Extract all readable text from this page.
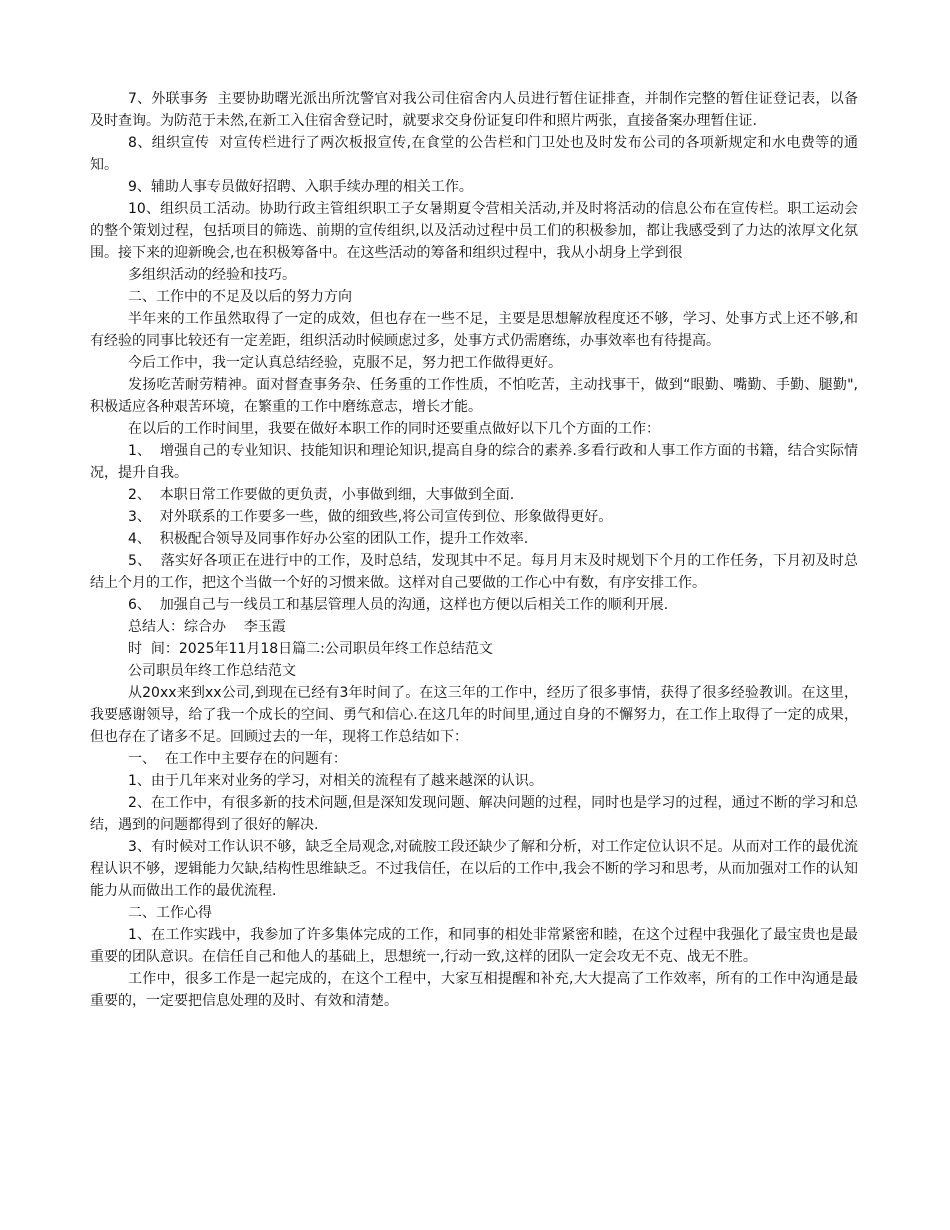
7、外联事务  主要协助曙光派出所沈警官对我公司住宿舍内人员进行暂住证排查，并制作完整的暂住证登记表，以备及时查询。为防范于未然,在新工入住宿舍登记时，就要求交身份证复印件和照片两张，直接备案办理暂住证.

8、组织宣传  对宣传栏进行了两次板报宣传,在食堂的公告栏和门卫处也及时发布公司的各项新规定和水电费等的通知。

9、辅助人事专员做好招聘、入职手续办理的相关工作。

10、组织员工活动。协助行政主管组织职工子女暑期夏令营相关活动,并及时将活动的信息公布在宣传栏。职工运动会的整个策划过程，包括项目的筛选、前期的宣传组织,以及活动过程中员工们的积极参加，都让我感受到了力达的浓厚文化氛围。接下来的迎新晚会,也在积极筹备中。在这些活动的筹备和组织过程中，我从小胡身上学到很

多组织活动的经验和技巧。

二、工作中的不足及以后的努力方向

半年来的工作虽然取得了一定的成效，但也存在一些不足，主要是思想解放程度还不够，学习、处事方式上还不够,和有经验的同事比较还有一定差距，组织活动时候顾虑过多，处事方式仍需磨练，办事效率也有待提高。

今后工作中，我一定认真总结经验，克服不足，努力把工作做得更好。

发扬吃苦耐劳精神。面对督查事务杂、任务重的工作性质，不怕吃苦，主动找事干，做到“眼勤、嘴勤、手勤、腿勤",积极适应各种艰苦环境，在繁重的工作中磨练意志，增长才能。

在以后的工作时间里，我要在做好本职工作的同时还要重点做好以下几个方面的工作：

1、  增强自己的专业知识、技能知识和理论知识,提高自身的综合的素养.多看行政和人事工作方面的书籍，结合实际情况，提升自我。

2、  本职日常工作要做的更负责，小事做到细，大事做到全面.

3、  对外联系的工作要多一些，做的细致些,将公司宣传到位、形象做得更好。

4、  积极配合领导及同事作好办公室的团队工作，提升工作效率.

5、  落实好各项正在进行中的工作，及时总结，发现其中不足。每月月末及时规划下个月的工作任务，下月初及时总结上个月的工作，把这个当做一个好的习惯来做。这样对自己要做的工作心中有数，有序安排工作。

6、  加强自己与一线员工和基层管理人员的沟通，这样也方便以后相关工作的顺利开展.

总结人：综合办    李玉霞

时  间：2025年11月18日篇二:公司职员年终工作总结范文

公司职员年终工作总结范文

从20xx来到xx公司,到现在已经有3年时间了。在这三年的工作中，经历了很多事情，获得了很多经验教训。在这里，我要感谢领导，给了我一个成长的空间、勇气和信心.在这几年的时间里,通过自身的不懈努力，在工作上取得了一定的成果，但也存在了诸多不足。回顾过去的一年，现将工作总结如下：

一、  在工作中主要存在的问题有：

1、由于几年来对业务的学习，对相关的流程有了越来越深的认识。

2、在工作中，有很多新的技术问题,但是深知发现问题、解决问题的过程，同时也是学习的过程，通过不断的学习和总结，遇到的问题都得到了很好的解决.

3、有时候对工作认识不够，缺乏全局观念,对硫胺工段还缺少了解和分析，对工作定位认识不足。从而对工作的最优流程认识不够，逻辑能力欠缺,结构性思维缺乏。不过我信任，在以后的工作中,我会不断的学习和思考，从而加强对工作的认知能力从而做出工作的最优流程.

二、工作心得

1、在工作实践中，我参加了许多集体完成的工作，和同事的相处非常紧密和睦，在这个过程中我强化了最宝贵也是最重要的团队意识。在信任自己和他人的基础上，思想统一,行动一致,这样的团队一定会攻无不克、战无不胜。

工作中，很多工作是一起完成的，在这个工程中，大家互相提醒和补充,大大提高了工作效率，所有的工作中沟通是最重要的，一定要把信息处理的及时、有效和清楚。
